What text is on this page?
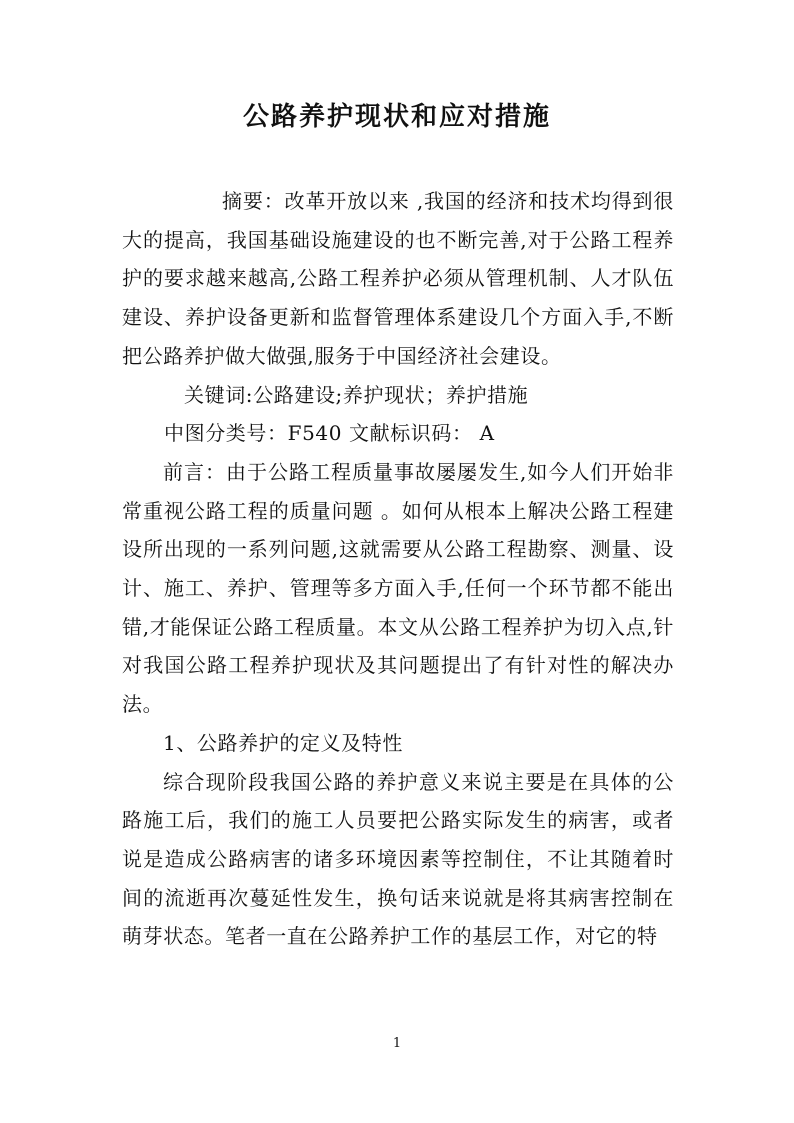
公路养护现状和应对措施

摘要：改革开放以来 ,我国的经济和技术均得到很大的提高，我国基础设施建设的也不断完善,对于公路工程养护的要求越来越高,公路工程养护必须从管理机制、人才队伍建设、养护设备更新和监督管理体系建设几个方面入手,不断把公路养护做大做强,服务于中国经济社会建设。

关键词:公路建设;养护现状；养护措施

中图分类号：F540 文献标识码： A

前言：由于公路工程质量事故屡屡发生,如今人们开始非常重视公路工程的质量问题 。如何从根本上解决公路工程建设所出现的一系列问题,这就需要从公路工程勘察、测量、设计、施工、养护、管理等多方面入手,任何一个环节都不能出错,才能保证公路工程质量。本文从公路工程养护为切入点,针对我国公路工程养护现状及其问题提出了有针对性的解决办法。

1、公路养护的定义及特性

综合现阶段我国公路的养护意义来说主要是在具体的公路施工后，我们的施工人员要把公路实际发生的病害，或者说是造成公路病害的诸多环境因素等控制住，不让其随着时间的流逝再次蔓延性发生，换句话来说就是将其病害控制在萌芽状态。笔者一直在公路养护工作的基层工作，对它的特

1
